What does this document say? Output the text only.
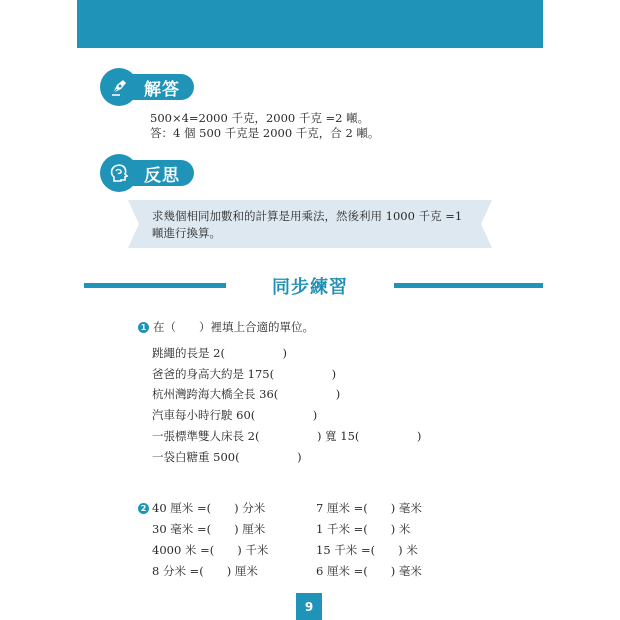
解答
500×4=2000 千克，2000 千克 =2 噸。
答：4 個 500 千克是 2000 千克，合 2 噸。
反思
求幾個相同加數和的計算是用乘法，然後利用 1000 千克 =1
噸進行換算。
同步練習
1 在（　　）裡填上合適的單位。
跳繩的長是 2(　　　　　)
爸爸的身高大約是 175(　　　　　)
杭州灣跨海大橋全長 36(　　　　　)
汽車每小時行駛 60(　　　　　)
一張標準雙人床長 2(　　　　　) 寬 15(　　　　　)
一袋白糖重 500(　　　　　)
2 40 厘米 =(　　) 分米	7 厘米 =(　　) 毫米
30 毫米 =(　　) 厘米	1 千米 =(　　) 米
4000 米 =(　　) 千米	15 千米 =(　　) 米
8 分米 =(　　) 厘米	6 厘米 =(　　) 毫米
9
